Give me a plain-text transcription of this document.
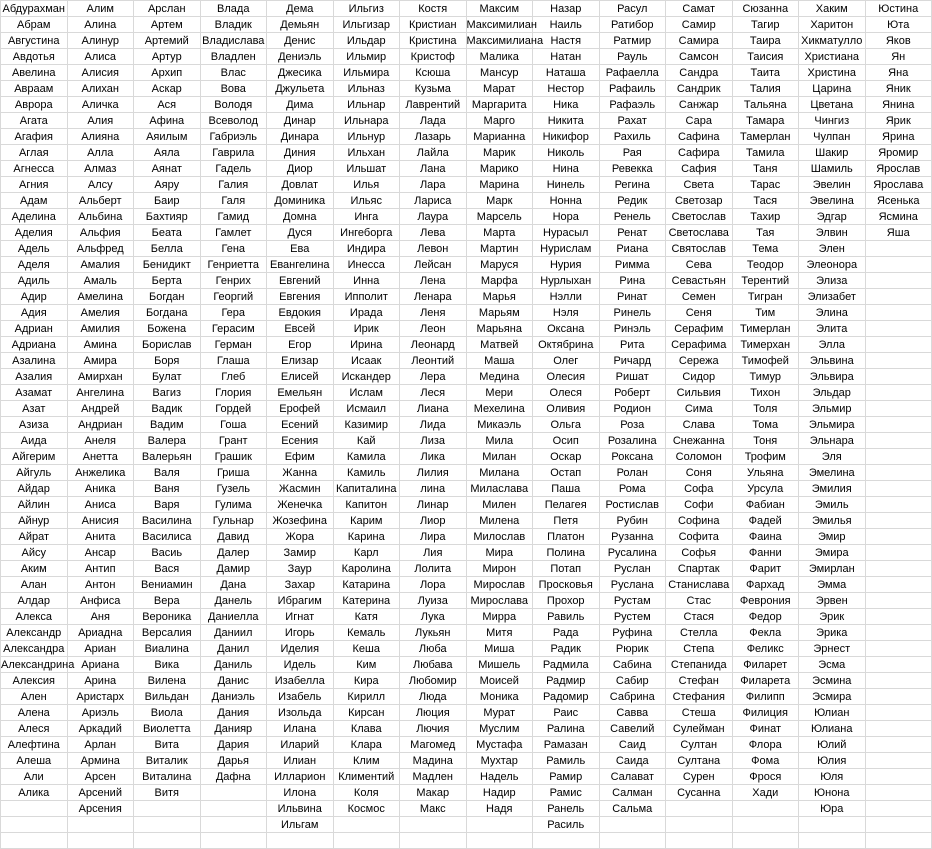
Абдурахман	Алим	Арслан	Влада	Дема	Ильгиз	Костя	Максим	Назар	Расул	Самат	Сюзанна	Хаким	Юстина
Абрам	Алина	Артем	Владик	Демьян	Ильгизар	Кристиан	Максимилиан	Наиль	Ратибор	Самир	Тагир	Харитон	Юта
Августина	Алинур	Артемий	Владислава	Денис	Ильдар	Кристина	Максимилиана	Настя	Ратмир	Самира	Таира	Хикматулло	Яков
Авдотья	Алиса	Артур	Владлен	Дениэль	Ильмир	Кристоф	Малика	Натан	Рауль	Самсон	Таисия	Христиана	Ян
Авелина	Алисия	Архип	Влас	Джесика	Ильмира	Ксюша	Мансур	Наташа	Рафаелла	Сандра	Таита	Христина	Яна
Авраам	Алихан	Аскар	Вова	Джульета	Ильназ	Кузьма	Марат	Нестор	Рафаиль	Сандрик	Талия	Царина	Яник
Аврора	Аличка	Ася	Володя	Дима	Ильнар	Лаврентий	Маргарита	Ника	Рафаэль	Санжар	Тальяна	Цветана	Янина
Агата	Алия	Афина	Всеволод	Динар	Ильнара	Лада	Марго	Никита	Рахат	Сара	Тамара	Чингиз	Ярик
Агафия	Алияна	Аяилым	Габриэль	Динара	Ильнур	Лазарь	Марианна	Никифор	Рахиль	Сафина	Тамерлан	Чулпан	Ярина
Аглая	Алла	Аяла	Гаврила	Диния	Ильхан	Лайла	Марик	Николь	Рая	Сафира	Тамила	Шакир	Яромир
Агнесса	Алмаз	Аянат	Гадель	Диор	Ильшат	Лана	Марико	Нина	Ревекка	Сафия	Таня	Шамиль	Ярослав
Агния	Алсу	Аяру	Галия	Довлат	Илья	Лара	Марина	Нинель	Регина	Света	Тарас	Эвелин	Ярослава
Адам	Альберт	Баир	Галя	Доминика	Ильяс	Лариса	Марк	Нонна	Редик	Светозар	Тася	Эвелина	Ясенька
Аделина	Альбина	Бахтияр	Гамид	Домна	Инга	Лаура	Марсель	Нора	Ренель	Светослав	Тахир	Эдгар	Ясмина
Аделия	Альфия	Беата	Гамлет	Дуся	Ингеборга	Лева	Марта	Нурасыл	Ренат	Светослава	Тая	Элвин	Яша
Адель	Альфред	Белла	Гена	Ева	Индира	Левон	Мартин	Нурислам	Риана	Святослав	Тема	Элен	
Аделя	Амалия	Бенидикт	Генриетта	Евангелина	Инесса	Лейсан	Маруся	Нурия	Римма	Сева	Теодор	Элеонора	
Адиль	Амаль	Берта	Генрих	Евгений	Инна	Лена	Марфа	Нурлыхан	Рина	Севастьян	Терентий	Элиза	
Адир	Амелина	Богдан	Георгий	Евгения	Ипполит	Ленара	Марья	Нэлли	Ринат	Семен	Тигран	Элизабет	
Адия	Амелия	Богдана	Гера	Евдокия	Ирада	Леня	Марьям	Нэля	Ринель	Сеня	Тим	Элина	
Адриан	Амилия	Божена	Герасим	Евсей	Ирик	Леон	Марьяна	Оксана	Ринэль	Серафим	Тимерлан	Элита	
Адриана	Амина	Борислав	Герман	Егор	Ирина	Леонард	Матвей	Октябрина	Рита	Серафима	Тимерхан	Элла	
Азалина	Амира	Боря	Глаша	Елизар	Исаак	Леонтий	Маша	Олег	Ричард	Сережа	Тимофей	Эльвина	
Азалия	Амирхан	Булат	Глеб	Елисей	Искандер	Лера	Медина	Олесия	Ришат	Сидор	Тимур	Эльвира	
Азамат	Ангелина	Вагиз	Глория	Емельян	Ислам	Леся	Мери	Олеся	Роберт	Сильвия	Тихон	Эльдар	
Азат	Андрей	Вадик	Гордей	Ерофей	Исмаил	Лиана	Мехелина	Оливия	Родион	Сима	Толя	Эльмир	
Азиза	Андриан	Вадим	Гоша	Есений	Казимир	Лида	Микаэль	Ольга	Роза	Слава	Тома	Эльмира	
Аида	Анеля	Валера	Грант	Есения	Кай	Лиза	Мила	Осип	Розалина	Снежанна	Тоня	Эльнара	
Айгерим	Анетта	Валерьян	Грашик	Ефим	Камила	Лика	Милан	Оскар	Роксана	Соломон	Трофим	Эля	
Айгуль	Анжелика	Валя	Гриша	Жанна	Камиль	Лилия	Милана	Остап	Ролан	Соня	Ульяна	Эмелина	
Айдар	Аника	Ваня	Гузель	Жасмин	Капиталина	лина	Миласлава	Паша	Рома	Софа	Урсула	Эмилия	
Айлин	Аниса	Варя	Гулима	Женечка	Капитон	Линар	Милен	Пелагея	Ростислав	Софи	Фабиан	Эмиль	
Айнур	Анисия	Василина	Гульнар	Жозефина	Карим	Лиор	Милена	Петя	Рубин	Софина	Фадей	Эмилья	
Айрат	Анита	Василиса	Давид	Жора	Карина	Лира	Милослав	Платон	Рузанна	Софита	Фаина	Эмир	
Айсу	Ансар	Васиь	Далер	Замир	Карл	Лия	Мира	Полина	Русалина	Софья	Фанни	Эмира	
Аким	Антип	Вася	Дамир	Заур	Каролина	Лолита	Мирон	Потап	Руслан	Спартак	Фарит	Эмирлан	
Алан	Антон	Вениамин	Дана	Захар	Катарина	Лора	Мирослав	Просковья	Руслана	Станислава	Фархад	Эмма	
Алдар	Анфиса	Вера	Данель	Ибрагим	Катерина	Луиза	Мирослава	Прохор	Рустам	Стас	Феврония	Эрвен	
Алекса	Аня	Вероника	Даниелла	Игнат	Катя	Лука	Мирра	Равиль	Рустем	Стася	Федор	Эрик	
Александр	Ариадна	Версалия	Даниил	Игорь	Кемаль	Лукьян	Митя	Рада	Руфина	Стелла	Фекла	Эрика	
Александра	Ариан	Виалина	Данил	Иделия	Кеша	Люба	Миша	Радик	Рюрик	Степа	Феликс	Эрнест	
Александрина	Ариана	Вика	Даниль	Идель	Ким	Любава	Мишель	Радмила	Сабина	Степанида	Филарет	Эсма	
Алексия	Арина	Вилена	Данис	Изабелла	Кира	Любомир	Моисей	Радмир	Сабир	Стефан	Филарета	Эсмина	
Ален	Аристарх	Вильдан	Даниэль	Изабель	Кирилл	Люда	Моника	Радомир	Сабрина	Стефания	Филипп	Эсмира	
Алена	Ариэль	Виола	Дания	Изольда	Кирсан	Люция	Мурат	Раис	Савва	Стеша	Филиция	Юлиан	
Алеся	Аркадий	Виолетта	Данияр	Илана	Клава	Лючия	Муслим	Ралина	Савелий	Сулейман	Финат	Юлиана	
Алефтина	Арлан	Вита	Дария	Иларий	Клара	Магомед	Мустафа	Рамазан	Саид	Султан	Флора	Юлий	
Алеша	Армина	Виталик	Дарья	Илиан	Клим	Мадина	Мухтар	Рамиль	Саида	Султана	Фома	Юлия	
Али	Арсен	Виталина	Дафна	Илларион	Климентий	Мадлен	Надель	Рамир	Салават	Сурен	Фрося	Юля	
Алика	Арсений	Витя		Илона	Коля	Макар	Надир	Рамис	Салман	Сусанна	Хади	Юнона	
	Арсения			Ильвина	Космос	Макс	Надя	Ранель	Сальма			Юра	
				Ильгам				Расиль					
